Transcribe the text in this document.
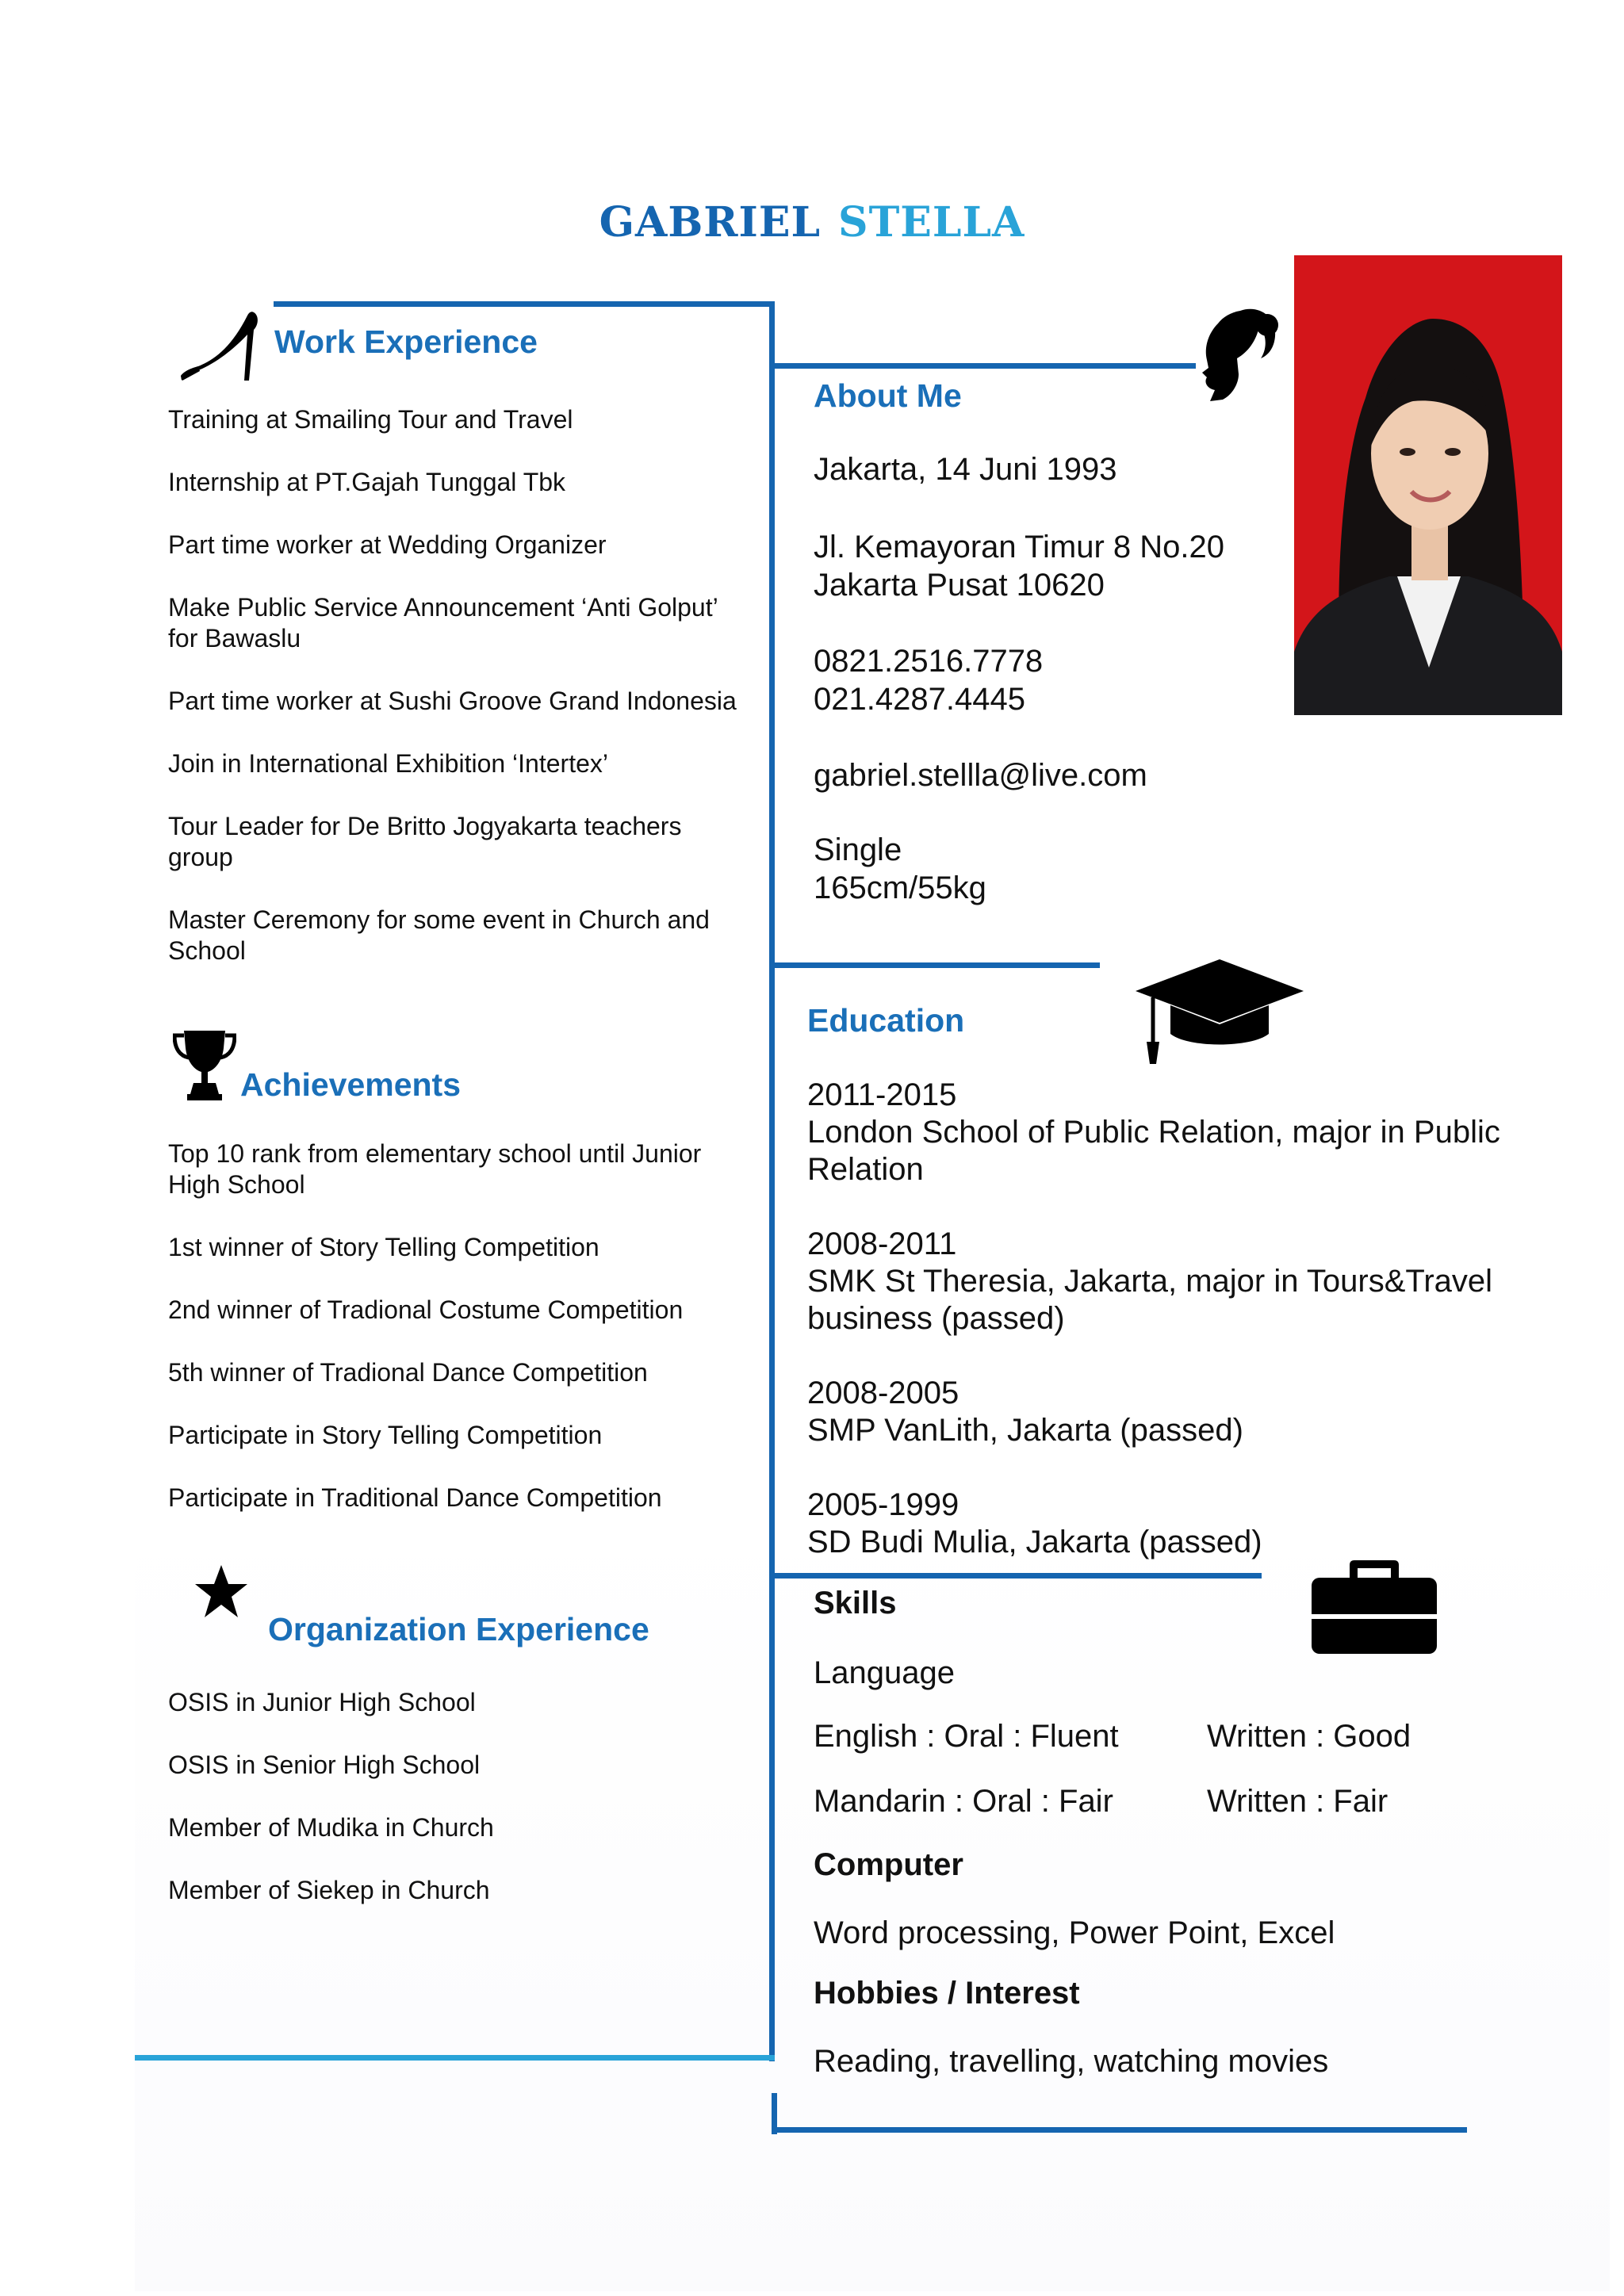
GABRIEL STELLA
Work Experience
Training at Smailing Tour and Travel
Internship at PT.Gajah Tunggal Tbk
Part time worker at Wedding Organizer
Make Public Service Announcement ‘Anti Golput’ for Bawaslu
Part time worker at Sushi Groove Grand Indonesia
Join in International Exhibition ‘Intertex’
Tour Leader for De Britto Jogyakarta teachers group
Master Ceremony for some event in Church and School
Achievements
Top 10 rank from elementary school until Junior High School
1st winner of Story Telling Competition
2nd winner of Tradional Costume Competition
5th winner of Tradional Dance Competition
Participate in Story Telling Competition
Participate in Traditional Dance Competition
Organization Experience
OSIS in Junior High School
OSIS in Senior High School
Member of Mudika in Church
Member of Siekep in Church
About Me
Jakarta, 14 Juni 1993
Jl. Kemayoran Timur 8 No.20
Jakarta Pusat 10620
0821.2516.7778
021.4287.4445
gabriel.stellla@live.com
Single
165cm/55kg
Education
2011-2015
London School of Public Relation, major in Public Relation
2008-2011
SMK St Theresia, Jakarta, major in Tours&Travel business (passed)
2008-2005
SMP VanLith, Jakarta (passed)
2005-1999
SD Budi Mulia, Jakarta (passed)
Skills
Language
English : Oral : Fluent	Written : Good
Mandarin : Oral : Fair	Written : Fair
Computer
Word processing, Power Point, Excel
Hobbies / Interest
Reading, travelling, watching movies
